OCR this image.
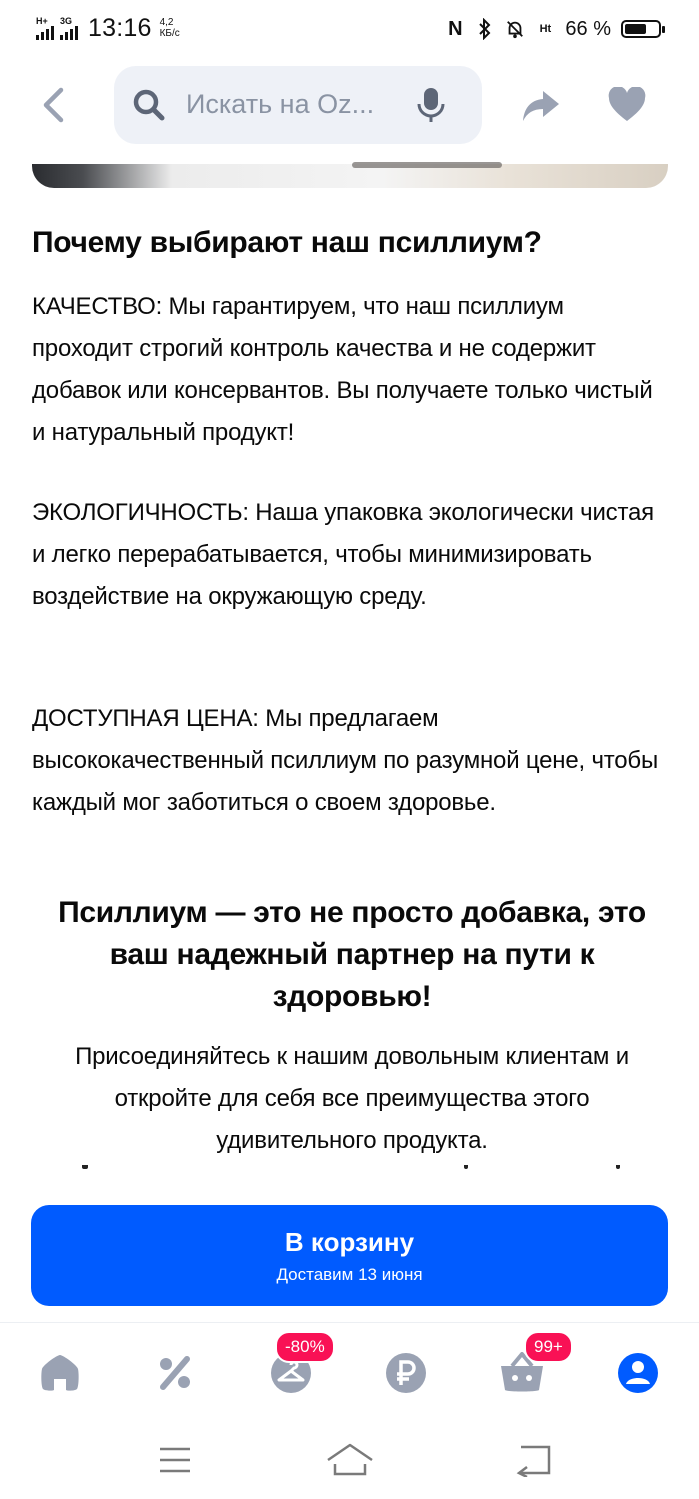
H+ 3G 13:16 4,2
КБ/с	N	Ht 66 %
Искать на Oz...
Почему выбирают наш псиллиум?
КАЧЕСТВО: Мы гарантируем, что наш псиллиум проходит строгий контроль качества и не содержит добавок или консервантов. Вы получаете только чистый и натуральный продукт!
ЭКОЛОГИЧНОСТЬ: Наша упаковка экологически чистая и легко перерабатывается, чтобы минимизировать воздействие на окружающую среду.
ДОСТУПНАЯ ЦЕНА: Мы предлагаем высококачественный псиллиум по разумной цене, чтобы каждый мог заботиться о своем здоровье.
Псиллиум — это не просто добавка, это ваш надежный партнер на пути к здоровью!
Присоединяйтесь к нашим довольным клиентам и откройте для себя все преимущества этого удивительного продукта.
В корзину
Доставим 13 июня
-80%	99+
